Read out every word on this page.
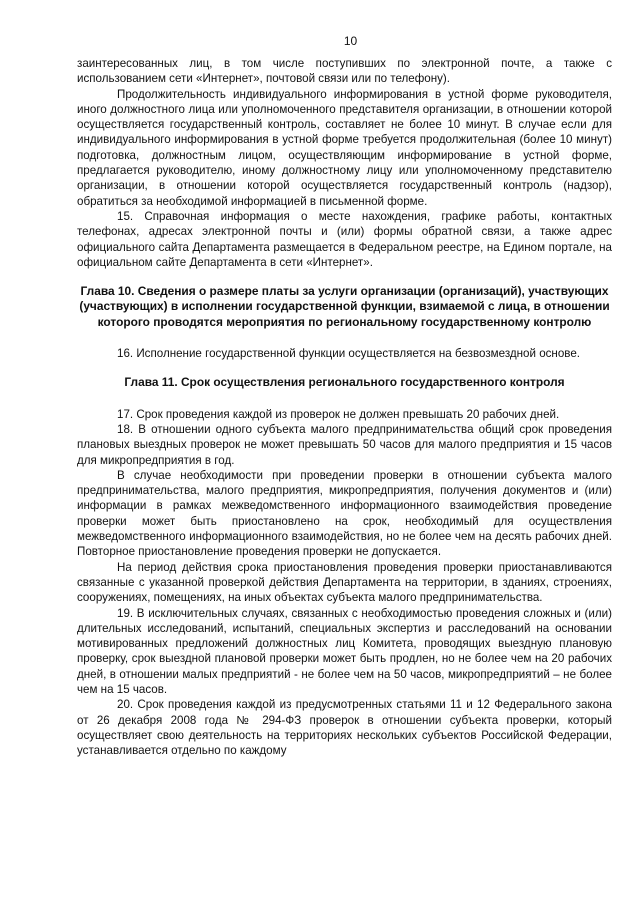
10

заинтересованных лиц, в том числе поступивших по электронной почте, а также с использованием сети «Интернет», почтовой связи или по телефону).

Продолжительность индивидуального информирования в устной форме руководителя, иного должностного лица или уполномоченного представителя организации, в отношении которой осуществляется государственный контроль, составляет не более 10 минут. В случае если для индивидуального информирования в устной форме требуется продолжительная (более 10 минут) подготовка, должностным лицом, осуществляющим информирование в устной форме, предлагается руководителю, иному должностному лицу или уполномоченному представителю организации, в отношении которой осуществляется государственный контроль (надзор), обратиться за необходимой информацией в письменной форме.

15. Справочная информация о месте нахождения, графике работы, контактных телефонах, адресах электронной почты и (или) формы обратной связи, а также адрес официального сайта Департамента размещается в Федеральном реестре, на Едином портале, на официальном сайте Департамента в сети «Интернет».

Глава 10. Сведения о размере платы за услуги организации (организаций), участвующих (участвующих) в исполнении государственной функции, взимаемой с лица, в отношении которого проводятся мероприятия по региональному государственному контролю

16. Исполнение государственной функции осуществляется на безвозмездной основе.

Глава 11. Срок осуществления регионального государственного контроля

17. Срок проведения каждой из проверок не должен превышать 20 рабочих дней.

18. В отношении одного субъекта малого предпринимательства общий срок проведения плановых выездных проверок не может превышать 50 часов для малого предприятия и 15 часов для микропредприятия в год.

В случае необходимости при проведении проверки в отношении субъекта малого предпринимательства, малого предприятия, микропредприятия, получения документов и (или) информации в рамках межведомственного информационного взаимодействия проведение проверки может быть приостановлено на срок, необходимый для осуществления межведомственного информационного взаимодействия, но не более чем на десять рабочих дней. Повторное приостановление проведения проверки не допускается.

На период действия срока приостановления проведения проверки приостанавливаются связанные с указанной проверкой действия Департамента на территории, в зданиях, строениях, сооружениях, помещениях, на иных объектах субъекта малого предпринимательства.

19. В исключительных случаях, связанных с необходимостью проведения сложных и (или) длительных исследований, испытаний, специальных экспертиз и расследований на основании мотивированных предложений должностных лиц Комитета, проводящих выездную плановую проверку, срок выездной плановой проверки может быть продлен, но не более чем на 20 рабочих дней, в отношении малых предприятий - не более чем на 50 часов, микропредприятий – не более чем на 15 часов.

20. Срок проведения каждой из предусмотренных статьями 11 и 12 Федерального закона от 26 декабря 2008 года № 294-ФЗ проверок в отношении субъекта проверки, который осуществляет свою деятельность на территориях нескольких субъектов Российской Федерации, устанавливается отдельно по каждому
